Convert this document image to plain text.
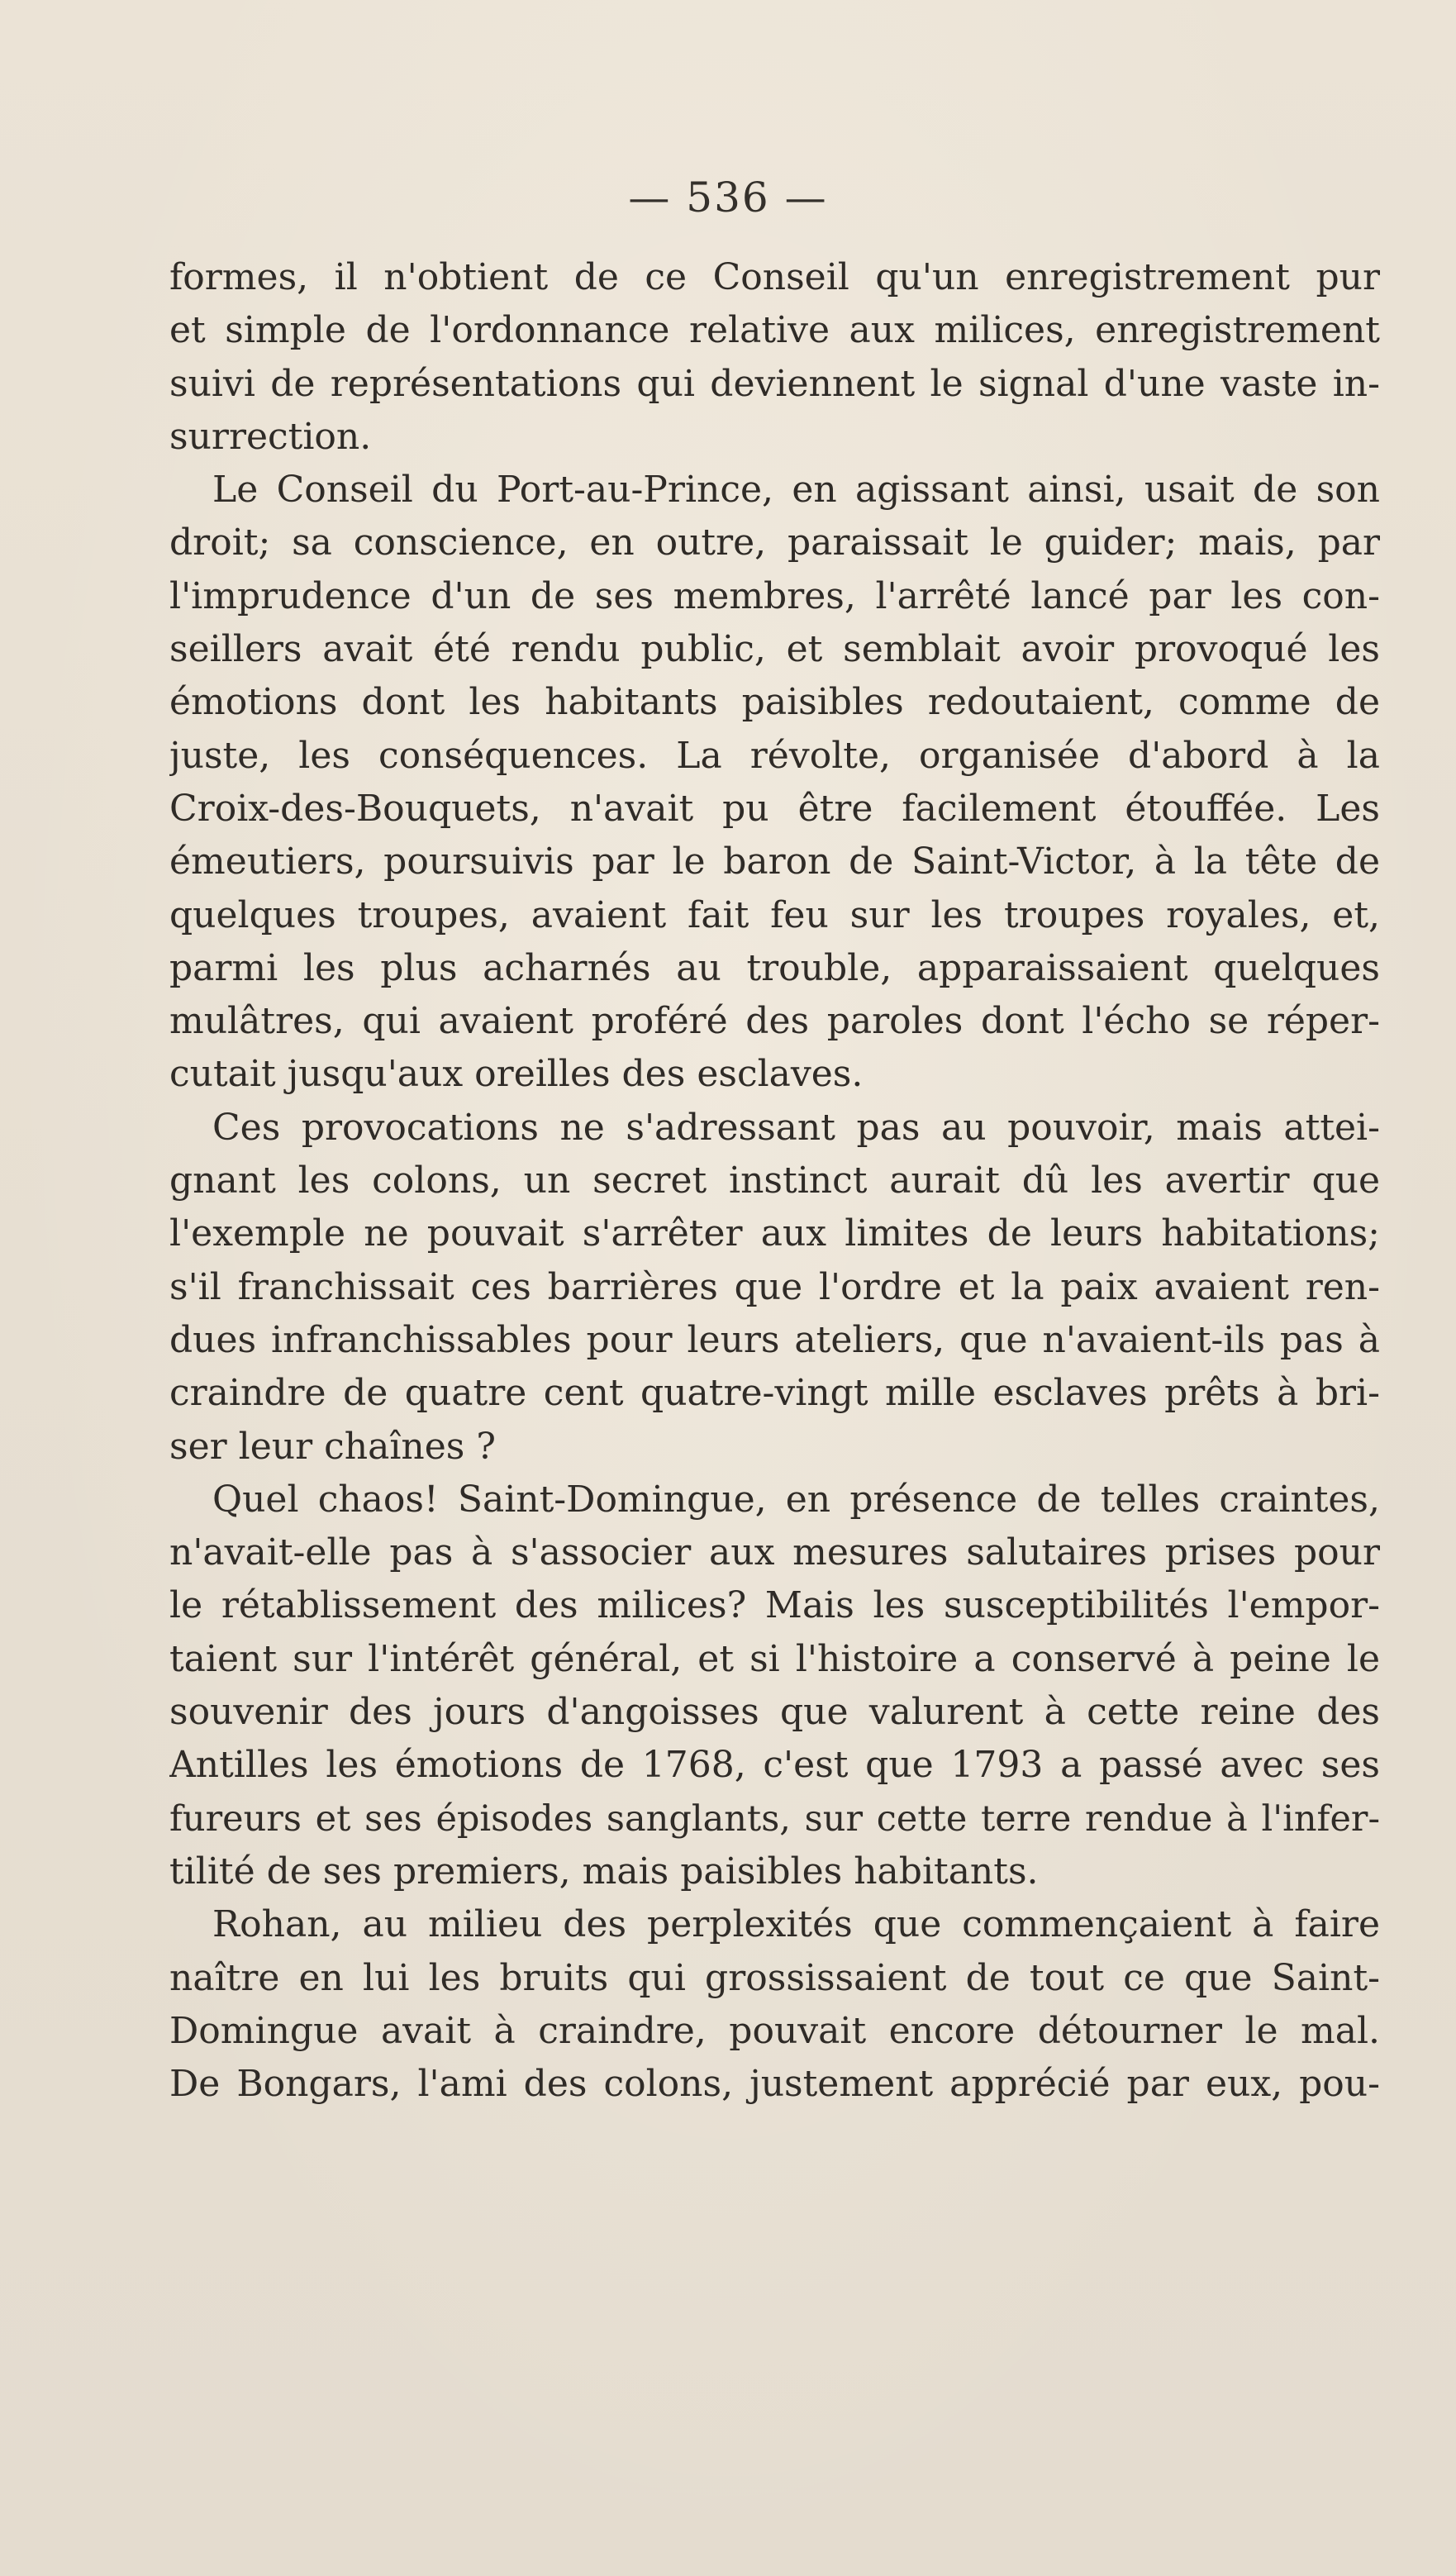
— 536 —
formes, il n'obtient de ce Conseil qu'un enregistrement pur
et simple de l'ordonnance relative aux milices, enregistrement
suivi de représentations qui deviennent le signal d'une vaste in-
surrection.
Le Conseil du Port-au-Prince, en agissant ainsi, usait de son
droit; sa conscience, en outre, paraissait le guider; mais, par
l'imprudence d'un de ses membres, l'arrêté lancé par les con-
seillers avait été rendu public, et semblait avoir provoqué les
émotions dont les habitants paisibles redoutaient, comme de
juste, les conséquences. La révolte, organisée d'abord à la
Croix-des-Bouquets, n'avait pu être facilement étouffée. Les
émeutiers, poursuivis par le baron de Saint-Victor, à la tête de
quelques troupes, avaient fait feu sur les troupes royales, et,
parmi les plus acharnés au trouble, apparaissaient quelques
mulâtres, qui avaient proféré des paroles dont l'écho se réper-
cutait jusqu'aux oreilles des esclaves.
Ces provocations ne s'adressant pas au pouvoir, mais attei-
gnant les colons, un secret instinct aurait dû les avertir que
l'exemple ne pouvait s'arrêter aux limites de leurs habitations;
s'il franchissait ces barrières que l'ordre et la paix avaient ren-
dues infranchissables pour leurs ateliers, que n'avaient-ils pas à
craindre de quatre cent quatre-vingt mille esclaves prêts à bri-
ser leur chaînes ?
Quel chaos! Saint-Domingue, en présence de telles craintes,
n'avait-elle pas à s'associer aux mesures salutaires prises pour
le rétablissement des milices? Mais les susceptibilités l'empor-
taient sur l'intérêt général, et si l'histoire a conservé à peine le
souvenir des jours d'angoisses que valurent à cette reine des
Antilles les émotions de 1768, c'est que 1793 a passé avec ses
fureurs et ses épisodes sanglants, sur cette terre rendue à l'infer-
tilité de ses premiers, mais paisibles habitants.
Rohan, au milieu des perplexités que commençaient à faire
naître en lui les bruits qui grossissaient de tout ce que Saint-
Domingue avait à craindre, pouvait encore détourner le mal.
De Bongars, l'ami des colons, justement apprécié par eux, pou-
